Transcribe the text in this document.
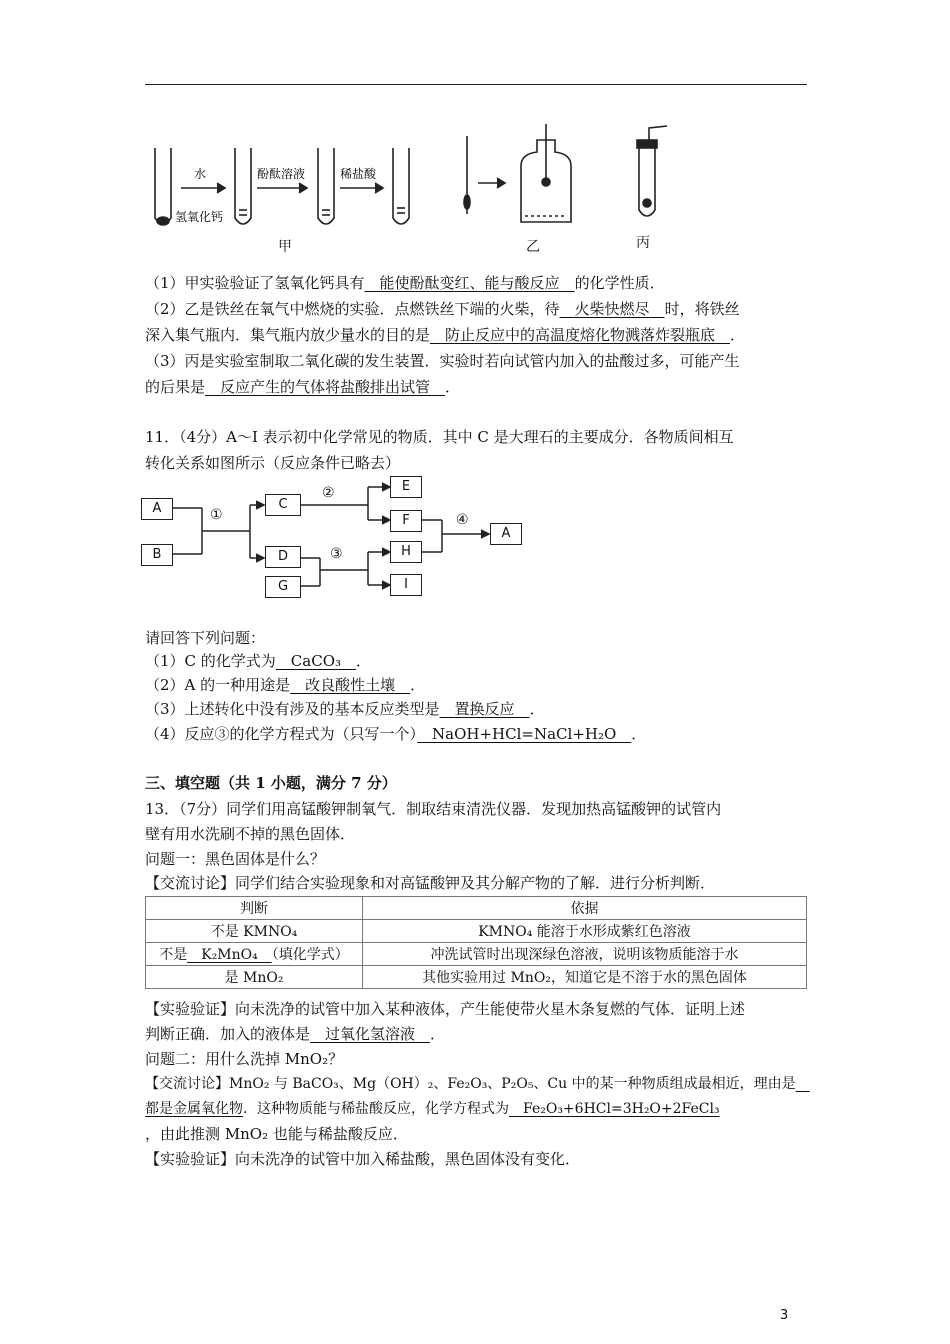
水	酚酞溶液	稀盐酸
氢氧化钙
甲	乙	丙
（1）甲实验验证了氢氧化钙具有　能使酚酞变红、能与酸反应　的化学性质．
（2）乙是铁丝在氧气中燃烧的实验．点燃铁丝下端的火柴，待　火柴快燃尽　时，将铁丝
深入集气瓶内．集气瓶内放少量水的目的是　防止反应中的高温度熔化物溅落炸裂瓶底　．
（3）丙是实验室制取二氧化碳的发生装置．实验时若向试管内加入的盐酸过多，可能产生
的后果是　反应产生的气体将盐酸排出试管　．
11．（4分）A～I 表示初中化学常见的物质．其中 C 是大理石的主要成分．各物质间相互
转化关系如图所示（反应条件已略去）
A
B
C
D
G
E
F
H
I
A
①
②
③
④
请回答下列问题：
（1）C 的化学式为　CaCO₃　．
（2）A 的一种用途是　改良酸性土壤　．
（3）上述转化中没有涉及的基本反应类型是　置换反应　．
（4）反应③的化学方程式为（只写一个）　NaOH+HCl=NaCl+H₂O　．
三、填空题（共 1 小题，满分 7 分）
13．（7分）同学们用高锰酸钾制氧气．制取结束清洗仪器．发现加热高锰酸钾的试管内
壁有用水洗刷不掉的黑色固体．
问题一：黑色固体是什么？
【交流讨论】同学们结合实验现象和对高锰酸钾及其分解产物的了解．进行分析判断．
判断	依据
不是 KMNO₄	KMNO₄ 能溶于水形成紫红色溶液
不是　K₂MnO₄　（填化学式）	冲洗试管时出现深绿色溶液，说明该物质能溶于水
是 MnO₂	其他实验用过 MnO₂，知道它是不溶于水的黑色固体
【实验验证】向未洗净的试管中加入某种液体，产生能使带火星木条复燃的气体．证明上述
判断正确．加入的液体是　过氧化氢溶液　．
问题二：用什么洗掉 MnO₂？
【交流讨论】MnO₂ 与 BaCO₃、Mg（OH）₂、Fe₂O₃、P₂O₅、Cu 中的某一种物质组成最相近，理由是　
都是金属氧化物．这种物质能与稀盐酸反应，化学方程式为　Fe₂O₃+6HCl=3H₂O+2FeCl₃
，由此推测 MnO₂ 也能与稀盐酸反应．
【实验验证】向未洗净的试管中加入稀盐酸，黑色固体没有变化．
3
